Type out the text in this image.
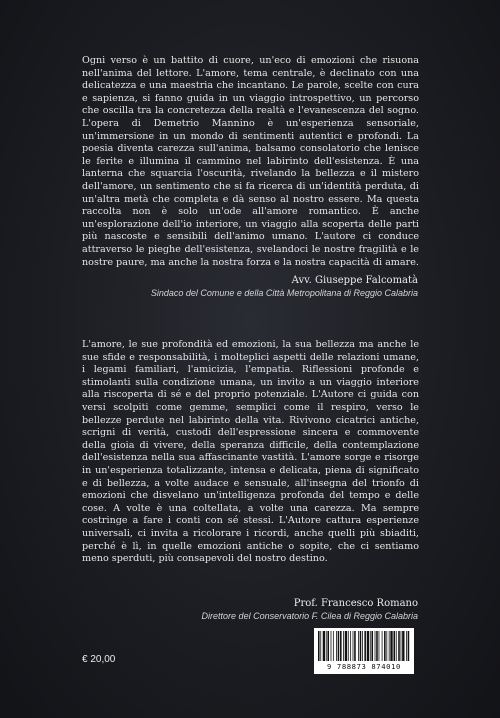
Ogni verso è un battito di cuore, un'eco di emozioni che risuona nell'anima del lettore. L'amore, tema centrale, è declinato con una delicatezza e una maestria che incantano. Le parole, scelte con cura e sapienza, si fanno guida in un viaggio introspettivo, un percorso che oscilla tra la concretezza della realtà e l'evanescenza del sogno. L'opera di Demetrio Mannino è un'esperienza sensoriale, un'immersione in un mondo di sentimenti autentici e profondi. La poesia diventa carezza sull'anima, balsamo consolatorio che lenisce le ferite e illumina il cammino nel labirinto dell'esistenza. È una lanterna che squarcia l'oscurità, rivelando la bellezza e il mistero dell'amore, un sentimento che si fa ricerca di un'identità perduta, di un'altra metà che completa e dà senso al nostro essere. Ma questa raccolta non è solo un'ode all'amore romantico. È anche un'esplorazione dell'io interiore, un viaggio alla scoperta delle parti più nascoste e sensibili dell'animo umano. L'autore ci conduce attraverso le pieghe dell'esistenza, svelandoci le nostre fragilità e le nostre paure, ma anche la nostra forza e la nostra capacità di amare.

Avv. Giuseppe Falcomatà

Sindaco del Comune e della Città Metropolitana di Reggio Calabria

L'amore, le sue profondità ed emozioni, la sua bellezza ma anche le sue sfide e responsabilità, i molteplici aspetti delle relazioni umane, i legami familiari, l'amicizia, l'empatia. Riflessioni profonde e stimolanti sulla condizione umana, un invito a un viaggio interiore alla riscoperta di sé e del proprio potenziale. L'Autore ci guida con versi scolpiti come gemme, semplici come il respiro, verso le bellezze perdute nel labirinto della vita. Rivivono cicatrici antiche, scrigni di verità, custodi dell'espressione sincera e commovente della gioia di vivere, della speranza difficile, della contemplazione dell'esistenza nella sua affascinante vastità. L'amore sorge e risorge in un'esperienza totalizzante, intensa e delicata, piena di significato e di bellezza, a volte audace e sensuale, all'insegna del trionfo di emozioni che disvelano un'intelligenza profonda del tempo e delle cose. A volte è una coltellata, a volte una carezza. Ma sempre costringe a fare i conti con sé stessi. L'Autore cattura esperienze universali, ci invita a ricolorare i ricordi, anche quelli più sbiaditi, perché è lì, in quelle emozioni antiche o sopite, che ci sentiamo meno sperduti, più consapevoli del nostro destino.

Prof. Francesco Romano

Direttore del Conservatorio F. Cilea di Reggio Calabria

€ 20,00

9 788873 874010
